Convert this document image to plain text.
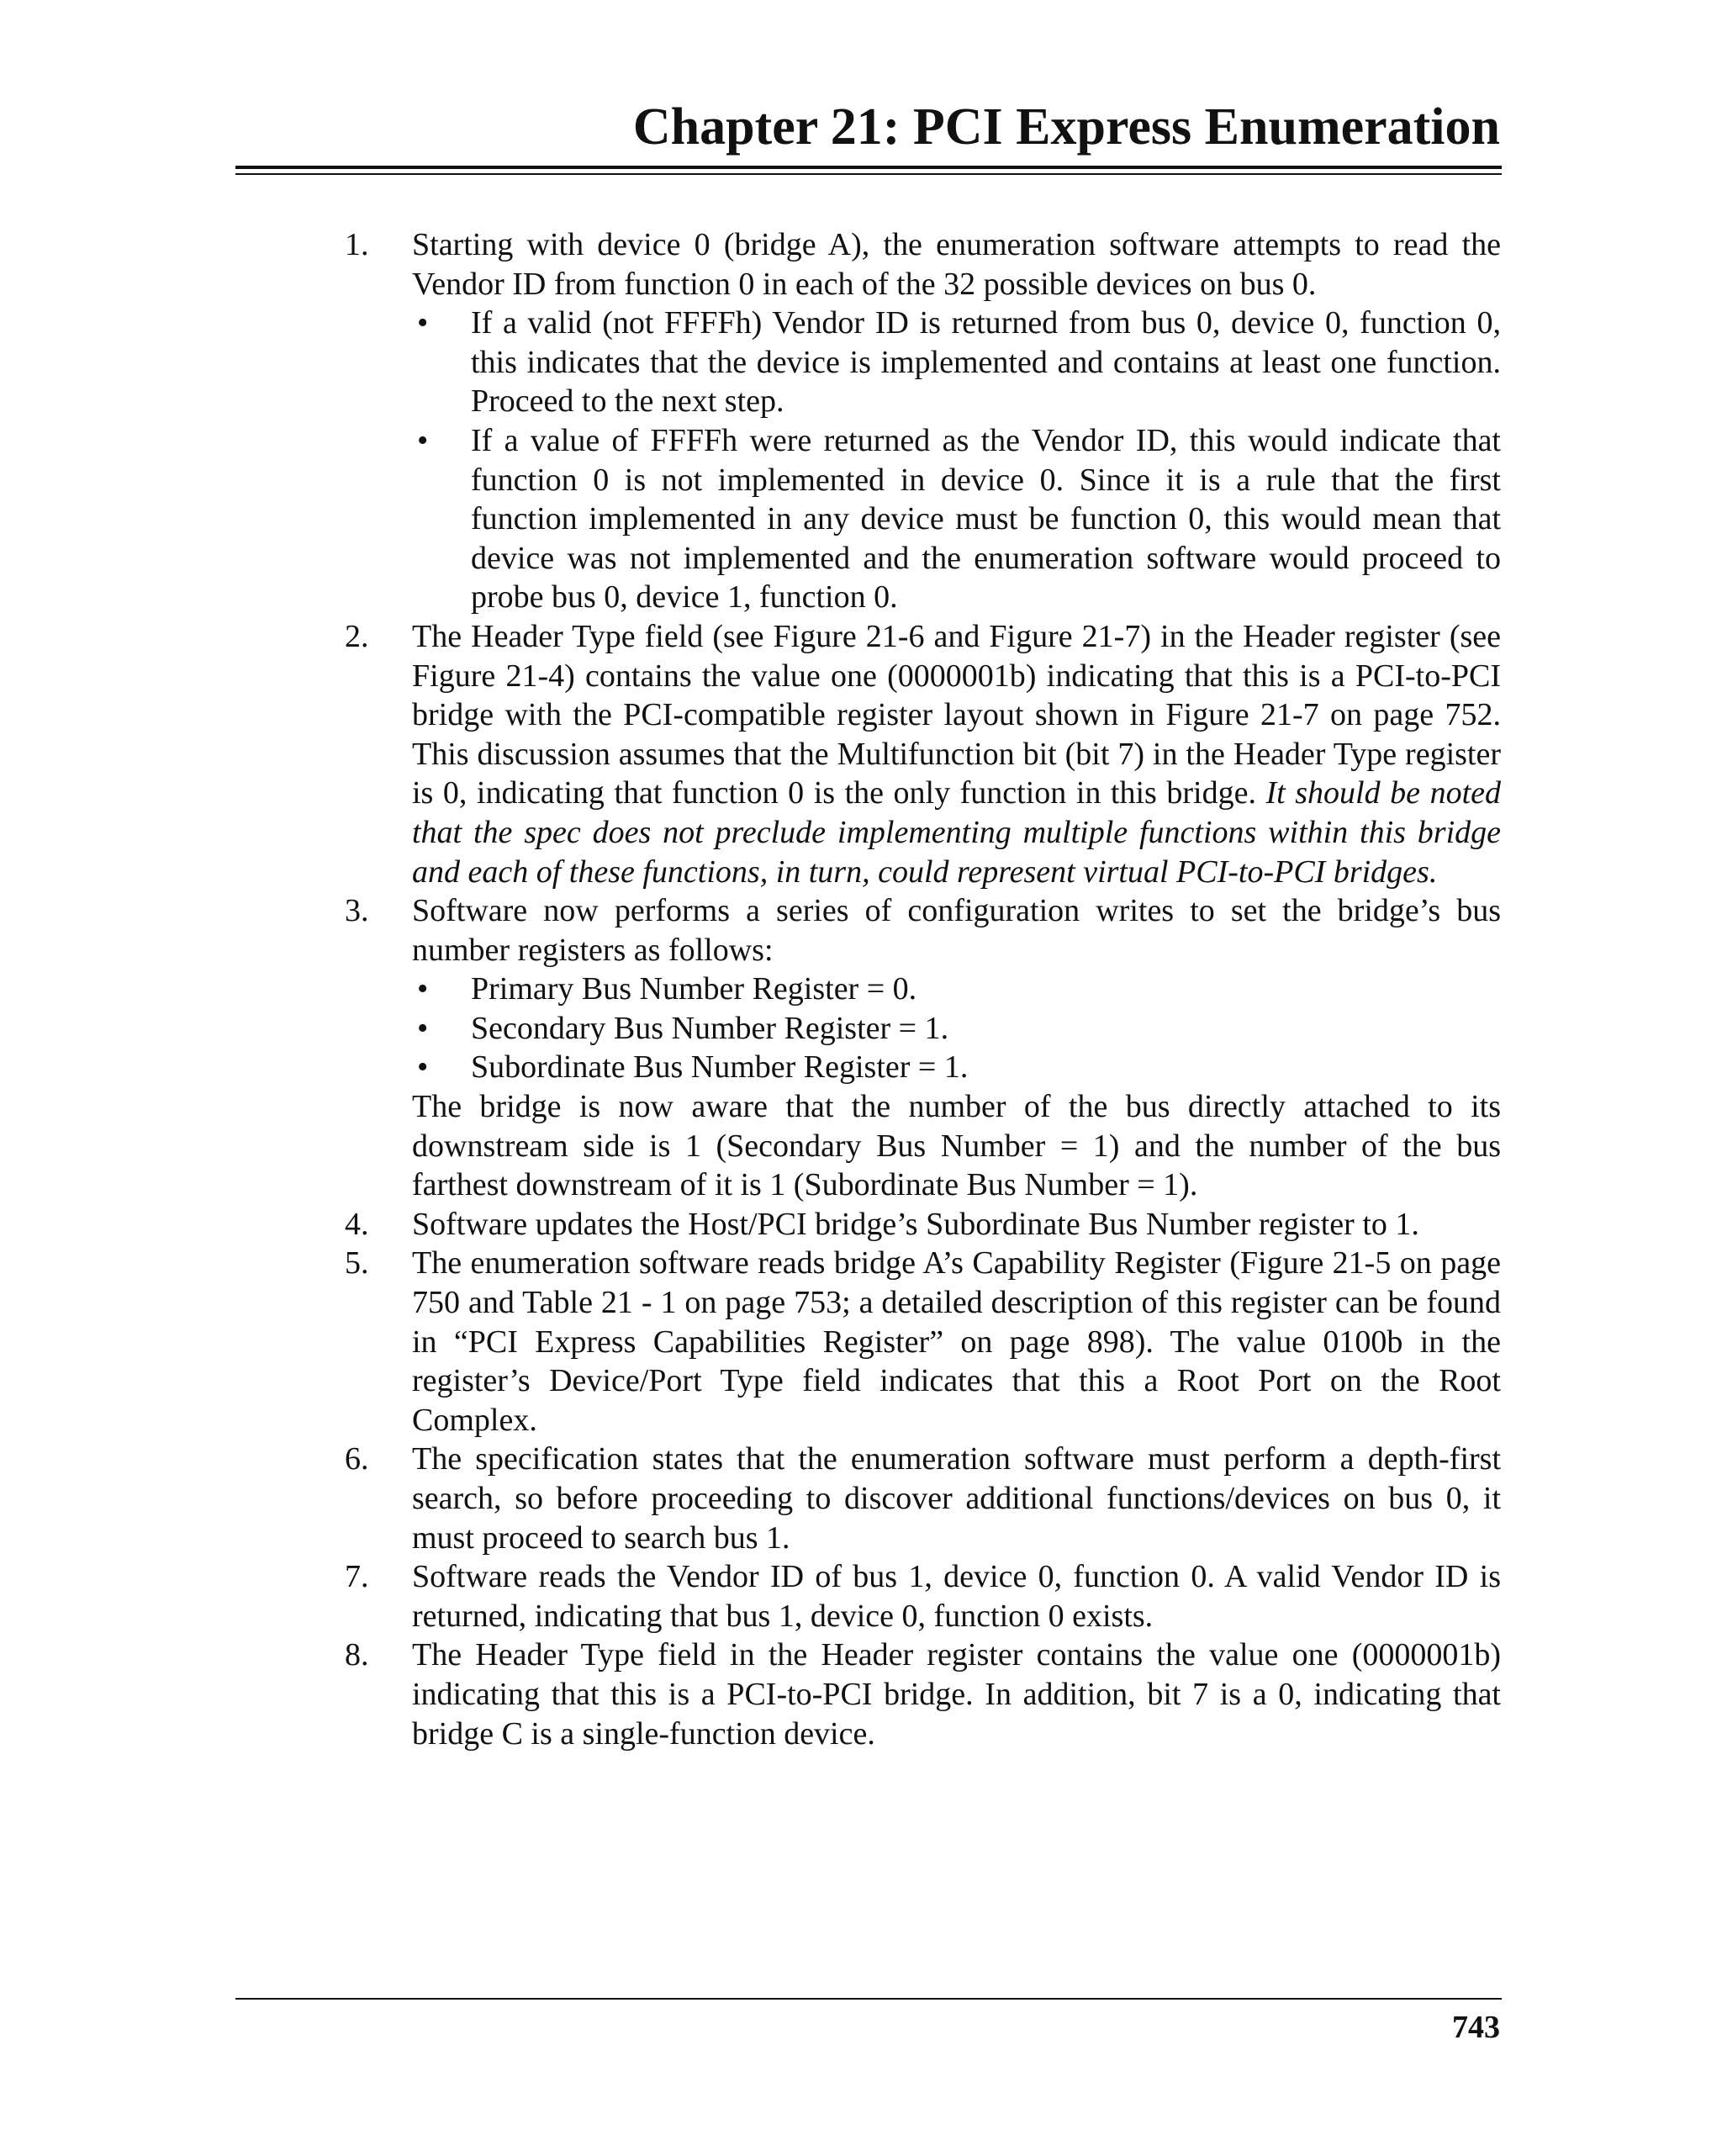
Chapter 21: PCI Express Enumeration
1. Starting with device 0 (bridge A), the enumeration software attempts to read the Vendor ID from function 0 in each of the 32 possible devices on bus 0.

• If a valid (not FFFFh) Vendor ID is returned from bus 0, device 0, function 0, this indicates that the device is implemented and contains at least one function. Proceed to the next step.
• If a value of FFFFh were returned as the Vendor ID, this would indicate that function 0 is not implemented in device 0. Since it is a rule that the first function implemented in any device must be function 0, this would mean that device was not implemented and the enumeration software would proceed to probe bus 0, device 1, function 0.
2. The Header Type field (see Figure 21-6 and Figure 21-7) in the Header register (see Figure 21-4) contains the value one (0000001b) indicating that this is a PCI-to-PCI bridge with the PCI-compatible register layout shown in Figure 21-7 on page 752. This discussion assumes that the Multifunction bit (bit 7) in the Header Type register is 0, indicating that function 0 is the only function in this bridge. It should be noted that the spec does not preclude implementing multiple functions within this bridge and each of these functions, in turn, could represent virtual PCI-to-PCI bridges.

3. Software now performs a series of configuration writes to set the bridge’s bus number registers as follows:

• Primary Bus Number Register = 0.
• Secondary Bus Number Register = 1.
• Subordinate Bus Number Register = 1.

The bridge is now aware that the number of the bus directly attached to its downstream side is 1 (Secondary Bus Number = 1) and the number of the bus farthest downstream of it is 1 (Subordinate Bus Number = 1).

4. Software updates the Host/PCI bridge’s Subordinate Bus Number register to 1.

5. The enumeration software reads bridge A’s Capability Register (Figure 21-5 on page 750 and Table 21 - 1 on page 753; a detailed description of this register can be found in “PCI Express Capabilities Register” on page 898). The value 0100b in the register’s Device/Port Type field indicates that this a Root Port on the Root Complex.

6. The specification states that the enumeration software must perform a depth-first search, so before proceeding to discover additional functions/devices on bus 0, it must proceed to search bus 1.

7. Software reads the Vendor ID of bus 1, device 0, function 0. A valid Vendor ID is returned, indicating that bus 1, device 0, function 0 exists.

8. The Header Type field in the Header register contains the value one (0000001b) indicating that this is a PCI-to-PCI bridge. In addition, bit 7 is a 0, indicating that bridge C is a single-function device.

743
